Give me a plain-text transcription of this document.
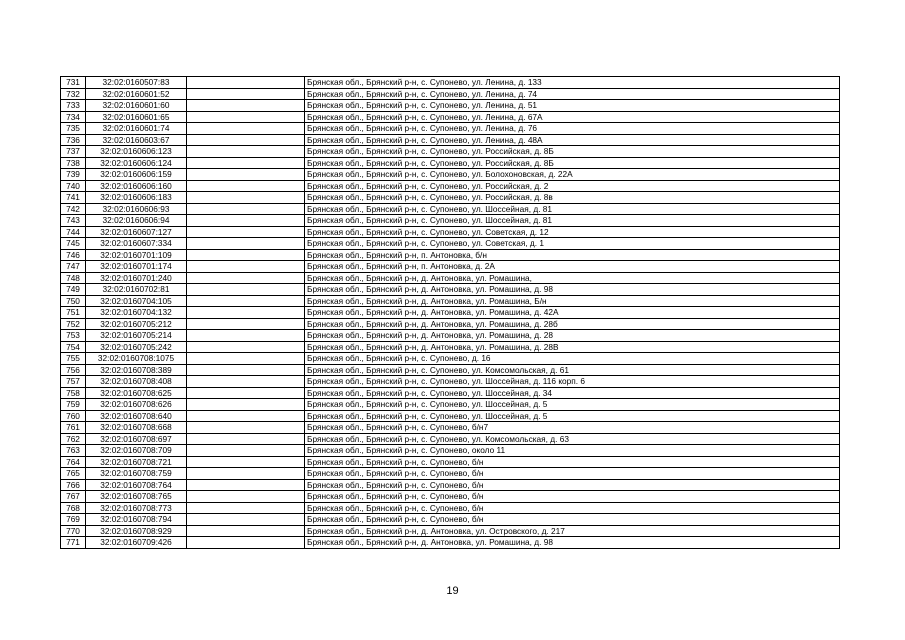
731	32:02:0160507:83		Брянская обл., Брянский р-н, с. Супонево, ул. Ленина, д. 133
732	32:02:0160601:52		Брянская обл., Брянский р-н, с. Супонево, ул. Ленина, д. 74
733	32:02:0160601:60		Брянская обл., Брянский р-н, с. Супонево, ул. Ленина, д. 51
734	32:02:0160601:65		Брянская обл., Брянский р-н, с. Супонево, ул. Ленина, д. 67А
735	32:02:0160601:74		Брянская обл., Брянский р-н, с. Супонево, ул. Ленина, д. 76
736	32:02:0160603:67		Брянская обл., Брянский р-н, с. Супонево, ул. Ленина, д. 48А
737	32:02:0160606:123		Брянская обл., Брянский р-н, с. Супонево, ул. Российская, д. 8Б
738	32:02:0160606:124		Брянская обл., Брянский р-н, с. Супонево, ул. Российская, д. 8Б
739	32:02:0160606:159		Брянская обл., Брянский р-н, с. Супонево, ул. Болохоновская, д. 22А
740	32:02:0160606:160		Брянская обл., Брянский р-н, с. Супонево, ул. Российская, д. 2
741	32:02:0160606:183		Брянская обл., Брянский р-н, с. Супонево, ул. Российская, д. 8в
742	32:02:0160606:93		Брянская обл., Брянский р-н, с. Супонево, ул. Шоссейная, д. 81
743	32:02:0160606:94		Брянская обл., Брянский р-н, с. Супонево, ул. Шоссейная, д. 81
744	32:02:0160607:127		Брянская обл., Брянский р-н, с. Супонево, ул. Советская, д. 12
745	32:02:0160607:334		Брянская обл., Брянский р-н, с. Супонево, ул. Советская, д. 1
746	32:02:0160701:109		Брянская обл., Брянский р-н, п. Антоновка, б/н
747	32:02:0160701:174		Брянская обл., Брянский р-н, п. Антоновка, д. 2А
748	32:02:0160701:240		Брянская обл., Брянский р-н, д. Антоновка, ул. Ромашина,
749	32:02:0160702:81		Брянская обл., Брянский р-н, д. Антоновка, ул. Ромашина, д. 98
750	32:02:0160704:105		Брянская обл., Брянский р-н, д. Антоновка, ул. Ромашина, Б/н
751	32:02:0160704:132		Брянская обл., Брянский р-н, д. Антоновка, ул. Ромашина, д. 42А
752	32:02:0160705:212		Брянская обл., Брянский р-н, д. Антоновка, ул. Ромашина, д. 28б
753	32:02:0160705:214		Брянская обл., Брянский р-н, д. Антоновка, ул. Ромашина, д. 28
754	32:02:0160705:242		Брянская обл., Брянский р-н, д. Антоновка, ул. Ромашина, д. 28В
755	32:02:0160708:1075		Брянская обл., Брянский р-н, с. Супонево, д. 16
756	32:02:0160708:389		Брянская обл., Брянский р-н, с. Супонево, ул. Комсомольская, д. 61
757	32:02:0160708:408		Брянская обл., Брянский р-н, с. Супонево, ул. Шоссейная, д. 116 корп. 6
758	32:02:0160708:625		Брянская обл., Брянский р-н, с. Супонево, ул. Шоссейная, д. 34
759	32:02:0160708:626		Брянская обл., Брянский р-н, с. Супонево, ул. Шоссейная, д. 5
760	32:02:0160708:640		Брянская обл., Брянский р-н, с. Супонево, ул. Шоссейная, д. 5
761	32:02:0160708:668		Брянская обл., Брянский р-н, с. Супонево, б/н7
762	32:02:0160708:697		Брянская обл., Брянский р-н, с. Супонево, ул. Комсомольская, д. 63
763	32:02:0160708:709		Брянская обл., Брянский р-н, с. Супонево, около 11
764	32:02:0160708:721		Брянская обл., Брянский р-н, с. Супонево, б/н
765	32:02:0160708:759		Брянская обл., Брянский р-н, с. Супонево, б/н
766	32:02:0160708:764		Брянская обл., Брянский р-н, с. Супонево, б/н
767	32:02:0160708:765		Брянская обл., Брянский р-н, с. Супонево, б/н
768	32:02:0160708:773		Брянская обл., Брянский р-н, с. Супонево, б/н
769	32:02:0160708:794		Брянская обл., Брянский р-н, с. Супонево, б/н
770	32:02:0160708:929		Брянская обл., Брянский р-н, д. Антоновка, ул. Островского, д. 217
771	32:02:0160709:426		Брянская обл., Брянский р-н, д. Антоновка, ул. Ромашина, д. 98
19
